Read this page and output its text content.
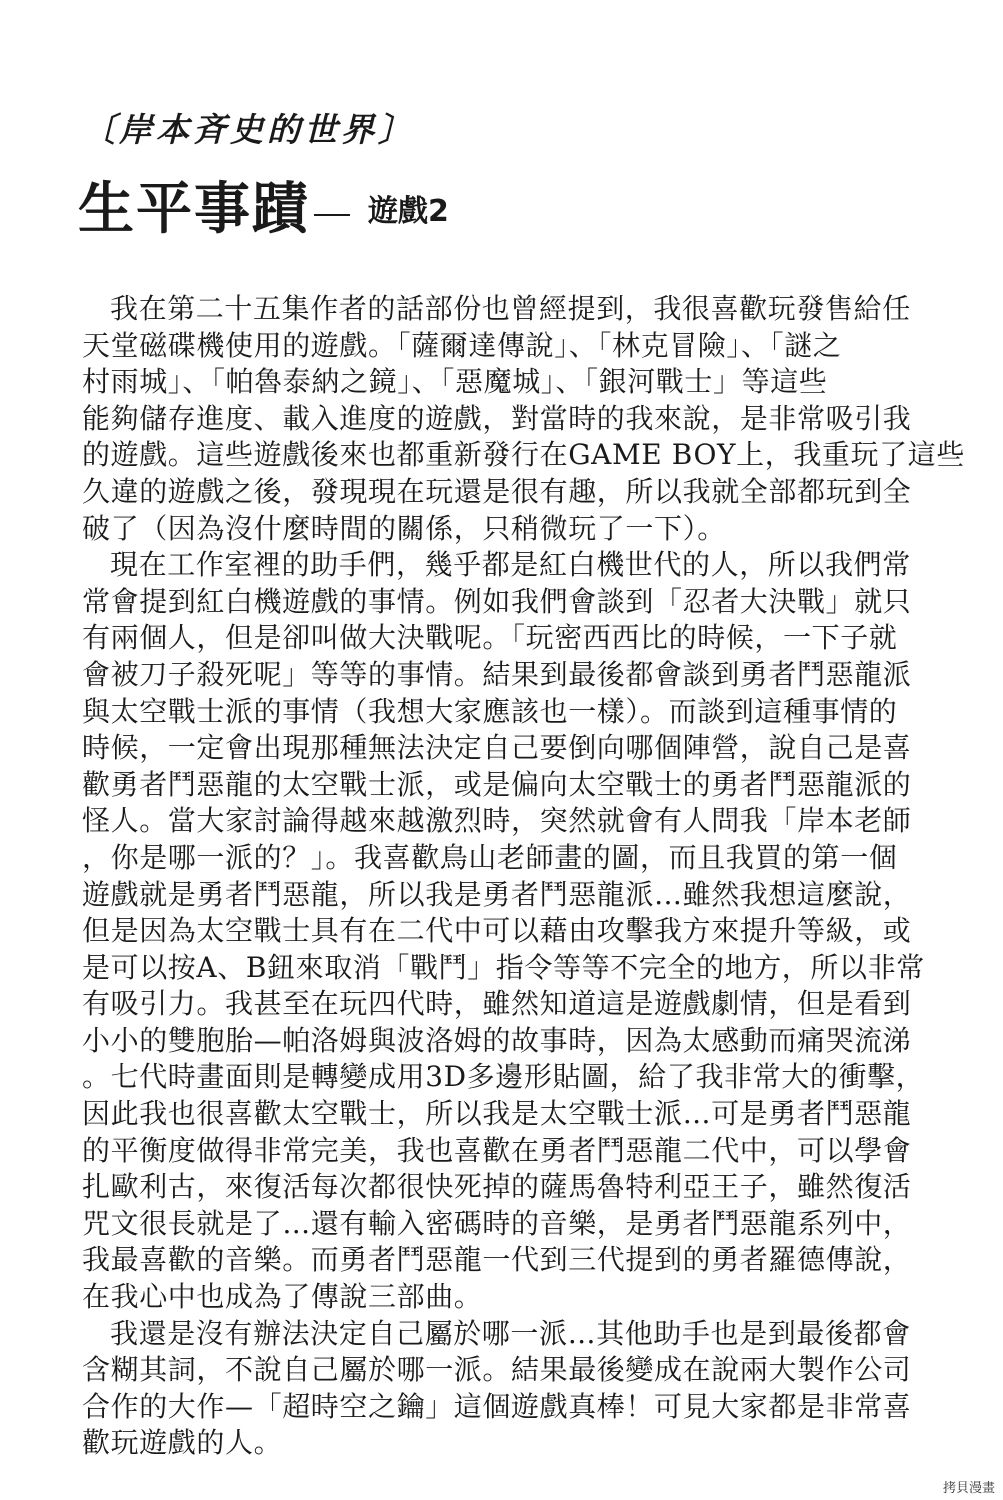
〔岸本斉史的世界〕
生平事蹟 遊戲2
我在第二十五集作者的話部份也曾經提到，我很喜歡玩發售給任
天堂磁碟機使用的遊戲。「薩爾達傳說」、「林克冒險」、「謎之
村雨城」、「帕魯泰納之鏡」、「惡魔城」、「銀河戰士」等這些
能夠儲存進度、載入進度的遊戲，對當時的我來說，是非常吸引我
的遊戲。這些遊戲後來也都重新發行在GAME BOY上，我重玩了這些
久違的遊戲之後，發現現在玩還是很有趣，所以我就全部都玩到全
破了（因為沒什麼時間的關係，只稍微玩了一下）。
現在工作室裡的助手們，幾乎都是紅白機世代的人，所以我們常
常會提到紅白機遊戲的事情。例如我們會談到「忍者大決戰」就只
有兩個人，但是卻叫做大決戰呢。「玩密西西比的時候，一下子就
會被刀子殺死呢」等等的事情。結果到最後都會談到勇者鬥惡龍派
與太空戰士派的事情（我想大家應該也一樣）。而談到這種事情的
時候，一定會出現那種無法決定自己要倒向哪個陣營，說自己是喜
歡勇者鬥惡龍的太空戰士派，或是偏向太空戰士的勇者鬥惡龍派的
怪人。當大家討論得越來越激烈時，突然就會有人問我「岸本老師
，你是哪一派的？」。我喜歡鳥山老師畫的圖，而且我買的第一個
遊戲就是勇者鬥惡龍，所以我是勇者鬥惡龍派…雖然我想這麼說，
但是因為太空戰士具有在二代中可以藉由攻擊我方來提升等級，或
是可以按A、B鈕來取消「戰鬥」指令等等不完全的地方，所以非常
有吸引力。我甚至在玩四代時，雖然知道這是遊戲劇情，但是看到
小小的雙胞胎—帕洛姆與波洛姆的故事時，因為太感動而痛哭流涕
。七代時畫面則是轉變成用3D多邊形貼圖，給了我非常大的衝擊，
因此我也很喜歡太空戰士，所以我是太空戰士派…可是勇者鬥惡龍
的平衡度做得非常完美，我也喜歡在勇者鬥惡龍二代中，可以學會
扎歐利古，來復活每次都很快死掉的薩馬魯特利亞王子，雖然復活
咒文很長就是了…還有輸入密碼時的音樂，是勇者鬥惡龍系列中，
我最喜歡的音樂。而勇者鬥惡龍一代到三代提到的勇者羅德傳說，
在我心中也成為了傳說三部曲。
我還是沒有辦法決定自己屬於哪一派…其他助手也是到最後都會
含糊其詞，不說自己屬於哪一派。結果最後變成在說兩大製作公司
合作的大作—「超時空之鑰」這個遊戲真棒！可見大家都是非常喜
歡玩遊戲的人。
拷貝漫畫
